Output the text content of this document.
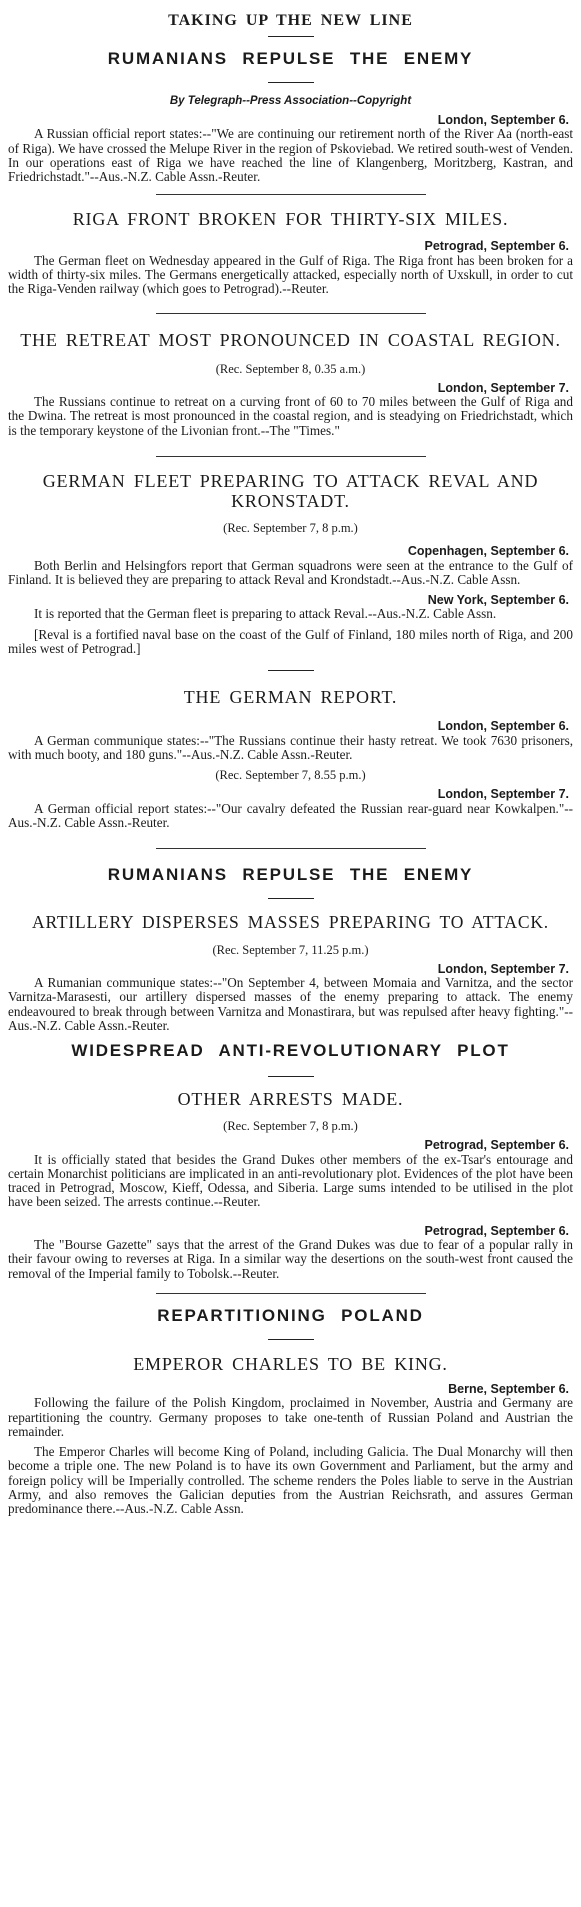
TAKING UP THE NEW LINE
RUMANIANS REPULSE THE ENEMY

By Telegraph--Press Association--Copyright

London, September 6.

A Russian official report states:--"We are continuing our retirement north of the River Aa (north-east of Riga). We have crossed the Melupe River in the region of Pskoviebad. We retired south-west of Venden. In our operations east of Riga we have reached the line of Klangenberg, Moritzberg, Kastran, and Friedrichstadt."--Aus.-N.Z. Cable Assn.-Reuter.

RIGA FRONT BROKEN FOR THIRTY-SIX MILES.

Petrograd, September 6.

The German fleet on Wednesday appeared in the Gulf of Riga. The Riga front has been broken for a width of thirty-six miles. The Germans energetically attacked, especially north of Uxskull, in order to cut the Riga-Venden railway (which goes to Petrograd).--Reuter.

THE RETREAT MOST PRONOUNCED IN COASTAL REGION.

(Rec. September 8, 0.35 a.m.)

London, September 7.

The Russians continue to retreat on a curving front of 60 to 70 miles between the Gulf of Riga and the Dwina. The retreat is most pronounced in the coastal region, and is steadying on Friedrichstadt, which is the temporary keystone of the Livonian front.--The "Times."

GERMAN FLEET PREPARING TO ATTACK REVAL AND KRONSTADT.

(Rec. September 7, 8 p.m.)

Copenhagen, September 6.

Both Berlin and Helsingfors report that German squadrons were seen at the entrance to the Gulf of Finland. It is believed they are preparing to attack Reval and Krondstadt.--Aus.-N.Z. Cable Assn.

New York, September 6.

It is reported that the German fleet is preparing to attack Reval.--Aus.-N.Z. Cable Assn.

[Reval is a fortified naval base on the coast of the Gulf of Finland, 180 miles north of Riga, and 200 miles west of Petrograd.]

THE GERMAN REPORT.

London, September 6.

A German communique states:--"The Russians continue their hasty retreat. We took 7630 prisoners, with much booty, and 180 guns."--Aus.-N.Z. Cable Assn.-Reuter.

(Rec. September 7, 8.55 p.m.)

London, September 7.

A German official report states:--"Our cavalry defeated the Russian rear-guard near Kowkalpen."--Aus.-N.Z. Cable Assn.-Reuter.

RUMANIANS REPULSE THE ENEMY
ARTILLERY DISPERSES MASSES PREPARING TO ATTACK.

(Rec. September 7, 11.25 p.m.)

London, September 7.

A Rumanian communique states:--"On September 4, between Momaia and Varnitza, and the sector Varnitza-Marasesti, our artillery dispersed masses of the enemy preparing to attack. The enemy endeavoured to break through between Varnitza and Monastirara, but was repulsed after heavy fighting."--Aus.-N.Z. Cable Assn.-Reuter.

WIDESPREAD ANTI-REVOLUTIONARY PLOT
OTHER ARRESTS MADE.

(Rec. September 7, 8 p.m.)

Petrograd, September 6.

It is officially stated that besides the Grand Dukes other members of the ex-Tsar's entourage and certain Monarchist politicians are implicated in an anti-revolutionary plot. Evidences of the plot have been traced in Petrograd, Moscow, Kieff, Odessa, and Siberia. Large sums intended to be utilised in the plot have been seized. The arrests continue.--Reuter.

Petrograd, September 6.

The "Bourse Gazette" says that the arrest of the Grand Dukes was due to fear of a popular rally in their favour owing to reverses at Riga. In a similar way the desertions on the south-west front caused the removal of the Imperial family to Tobolsk.--Reuter.

REPARTITIONING POLAND
EMPEROR CHARLES TO BE KING.

Berne, September 6.

Following the failure of the Polish Kingdom, proclaimed in November, Austria and Germany are repartitioning the country. Germany proposes to take one-tenth of Russian Poland and Austrian the remainder.

The Emperor Charles will become King of Poland, including Galicia. The Dual Monarchy will then become a triple one. The new Poland is to have its own Government and Parliament, but the army and foreign policy will be Imperially controlled. The scheme renders the Poles liable to serve in the Austrian Army, and also removes the Galician deputies from the Austrian Reichsrath, and assures German predominance there.--Aus.-N.Z. Cable Assn.
